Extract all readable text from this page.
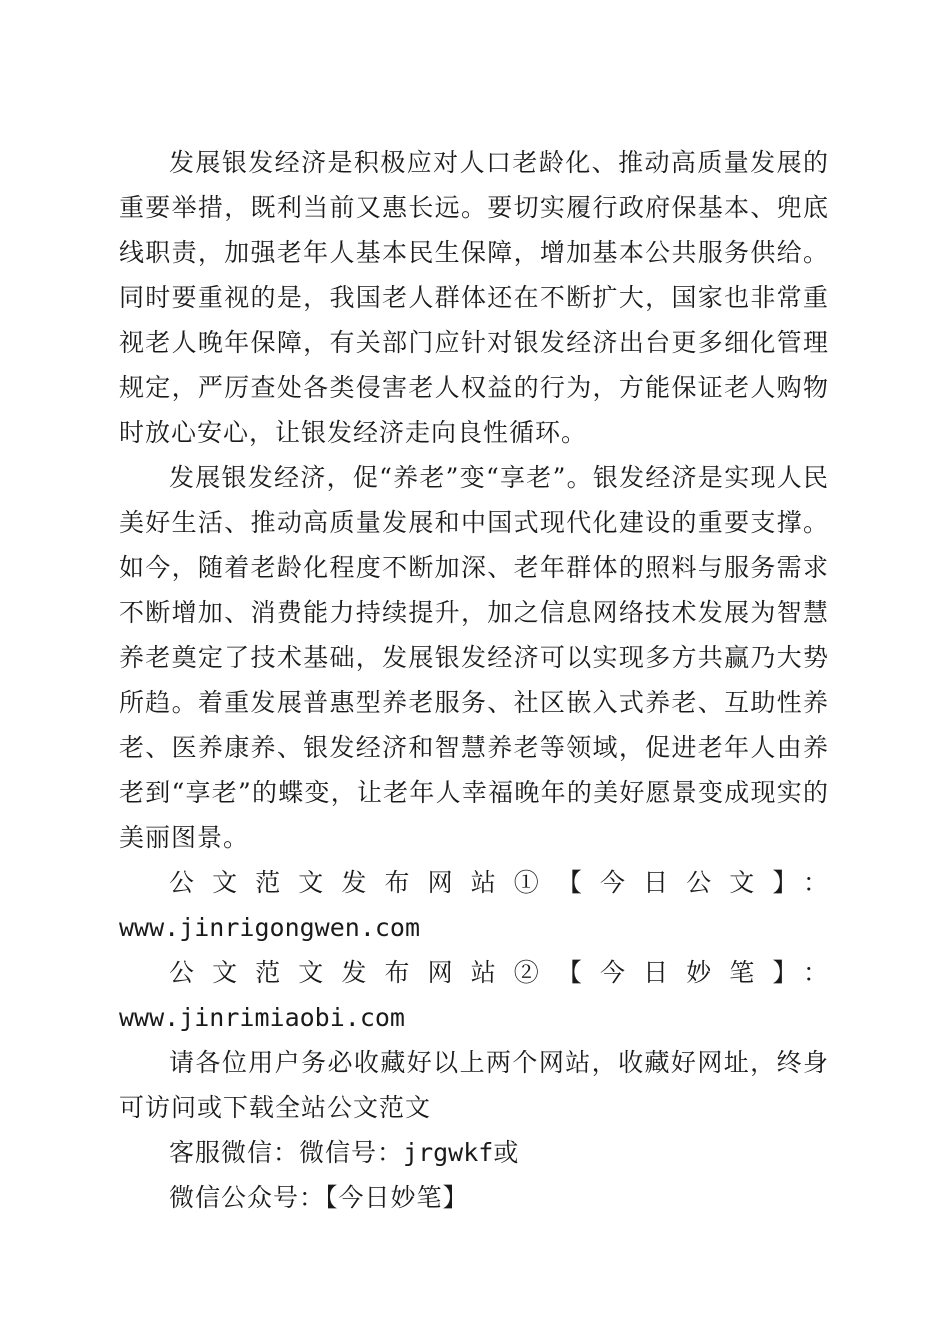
发展银发经济是积极应对人口老龄化、推动高质量发展的重要举措，既利当前又惠长远。要切实履行政府保基本、兜底线职责，加强老年人基本民生保障，增加基本公共服务供给。同时要重视的是，我国老人群体还在不断扩大，国家也非常重视老人晚年保障，有关部门应针对银发经济出台更多细化管理规定，严厉查处各类侵害老人权益的行为，方能保证老人购物时放心安心，让银发经济走向良性循环。

发展银发经济，促“养老”变“享老”。银发经济是实现人民美好生活、推动高质量发展和中国式现代化建设的重要支撑。如今，随着老龄化程度不断加深、老年群体的照料与服务需求不断增加、消费能力持续提升，加之信息网络技术发展为智慧养老奠定了技术基础，发展银发经济可以实现多方共赢乃大势所趋。着重发展普惠型养老服务、社区嵌入式养老、互助性养老、医养康养、银发经济和智慧养老等领域，促进老年人由养老到“享老”的蝶变，让老年人幸福晚年的美好愿景变成现实的美丽图景。

公文范文发布网站①【今日公文】：

www.jinrigongwen.com

公文范文发布网站②【今日妙笔】：www.jinrimiaobi.com

请各位用户务必收藏好以上两个网站，收藏好网址，终身可访问或下载全站公文范文

客服微信：微信号：jrgwkf或

微信公众号：【今日妙笔】
